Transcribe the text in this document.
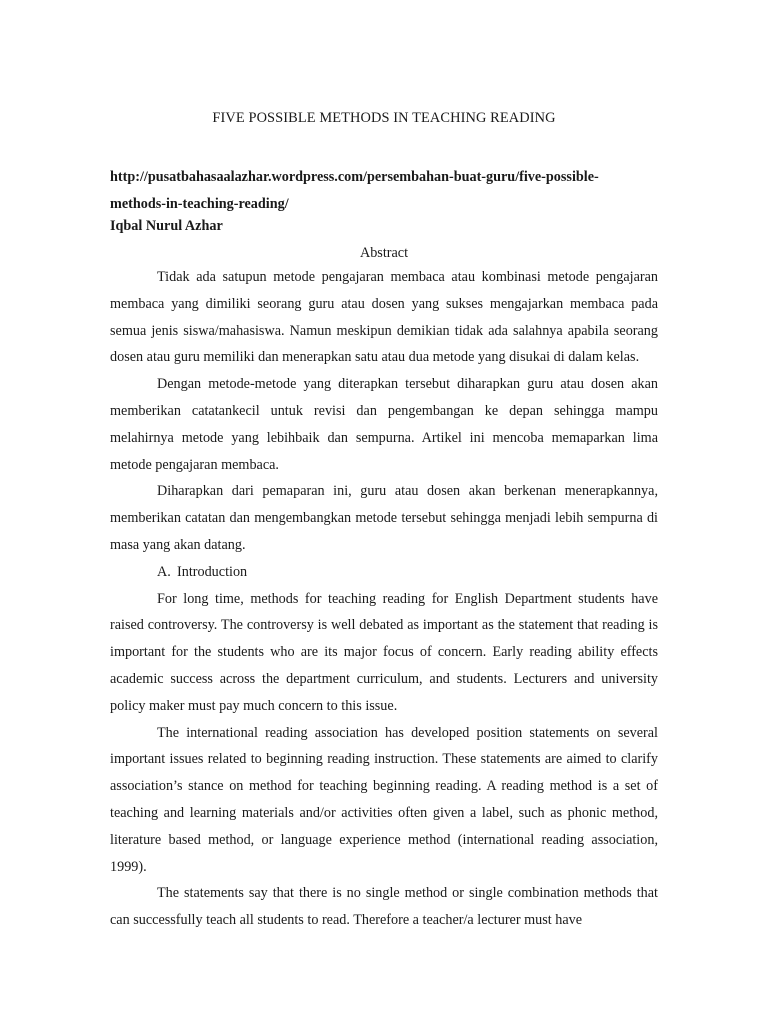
FIVE POSSIBLE METHODS IN TEACHING READING
http://pusatbahasaalazhar.wordpress.com/persembahan-buat-guru/five-possible-
methods-in-teaching-reading/
Iqbal Nurul Azhar
Abstract

Tidak ada satupun metode pengajaran membaca atau kombinasi metode pengajaran membaca yang dimiliki seorang guru atau dosen yang sukses mengajarkan membaca pada semua jenis siswa/mahasiswa. Namun meskipun demikian tidak ada salahnya apabila seorang dosen atau guru memiliki dan menerapkan satu atau dua metode yang disukai di dalam kelas.

Dengan metode-metode yang diterapkan tersebut diharapkan guru atau dosen akan memberikan catatankecil untuk revisi dan pengembangan ke depan sehingga mampu melahirnya metode yang lebihbaik dan sempurna. Artikel ini mencoba memaparkan lima metode pengajaran membaca.

Diharapkan dari pemaparan ini, guru atau dosen akan berkenan menerapkannya, memberikan catatan dan mengembangkan metode tersebut sehingga menjadi lebih sempurna di masa yang akan datang.

A. Introduction

For long time, methods for teaching reading for English Department students have raised controversy. The controversy is well debated as important as the statement that reading is important for the students who are its major focus of concern. Early reading ability effects academic success across the department curriculum, and students. Lecturers and university policy maker must pay much concern to this issue.

The international reading association has developed position statements on several important issues related to beginning reading instruction. These statements are aimed to clarify association’s stance on method for teaching beginning reading. A reading method is a set of teaching and learning materials and/or activities often given a label, such as phonic method, literature based method, or language experience method (international reading association, 1999).

The statements say that there is no single method or single combination methods that can successfully teach all students to read. Therefore a teacher/a lecturer must have
